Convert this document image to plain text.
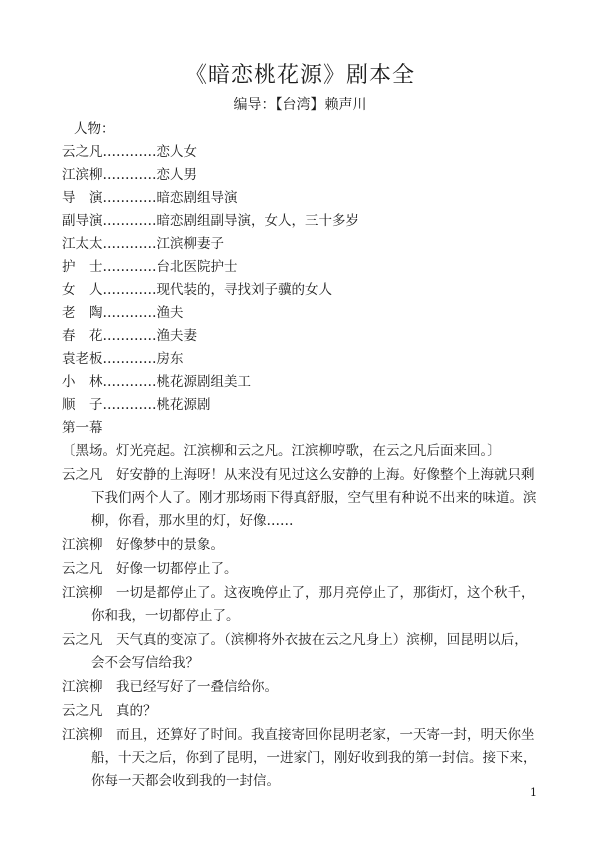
《暗恋桃花源》剧本全
编导：【台湾】赖声川
人物：
云之凡…………恋人女
江滨柳…………恋人男
导　演…………暗恋剧组导演
副导演…………暗恋剧组副导演，女人，三十多岁
江太太…………江滨柳妻子
护　士…………台北医院护士
女　人…………现代装的，寻找刘子骥的女人
老　陶…………渔夫
春　花…………渔夫妻
袁老板…………房东
小　林…………桃花源剧组美工
顺　子…………桃花源剧
第一幕
〔黑场。灯光亮起。江滨柳和云之凡。江滨柳哼歌，在云之凡后面来回。〕
云之凡　好安静的上海呀！从来没有见过这么安静的上海。好像整个上海就只剩
下我们两个人了。刚才那场雨下得真舒服，空气里有种说不出来的味道。滨
柳，你看，那水里的灯，好像……
江滨柳　好像梦中的景象。
云之凡　好像一切都停止了。
江滨柳　一切是都停止了。这夜晚停止了，那月亮停止了，那街灯，这个秋千，
你和我，一切都停止了。
云之凡　天气真的变凉了。（滨柳将外衣披在云之凡身上）滨柳，回昆明以后，
会不会写信给我？
江滨柳　我已经写好了一叠信给你。
云之凡　真的？
江滨柳　而且，还算好了时间。我直接寄回你昆明老家，一天寄一封，明天你坐
船，十天之后，你到了昆明，一进家门，刚好收到我的第一封信。接下来，
你每一天都会收到我的一封信。
1
